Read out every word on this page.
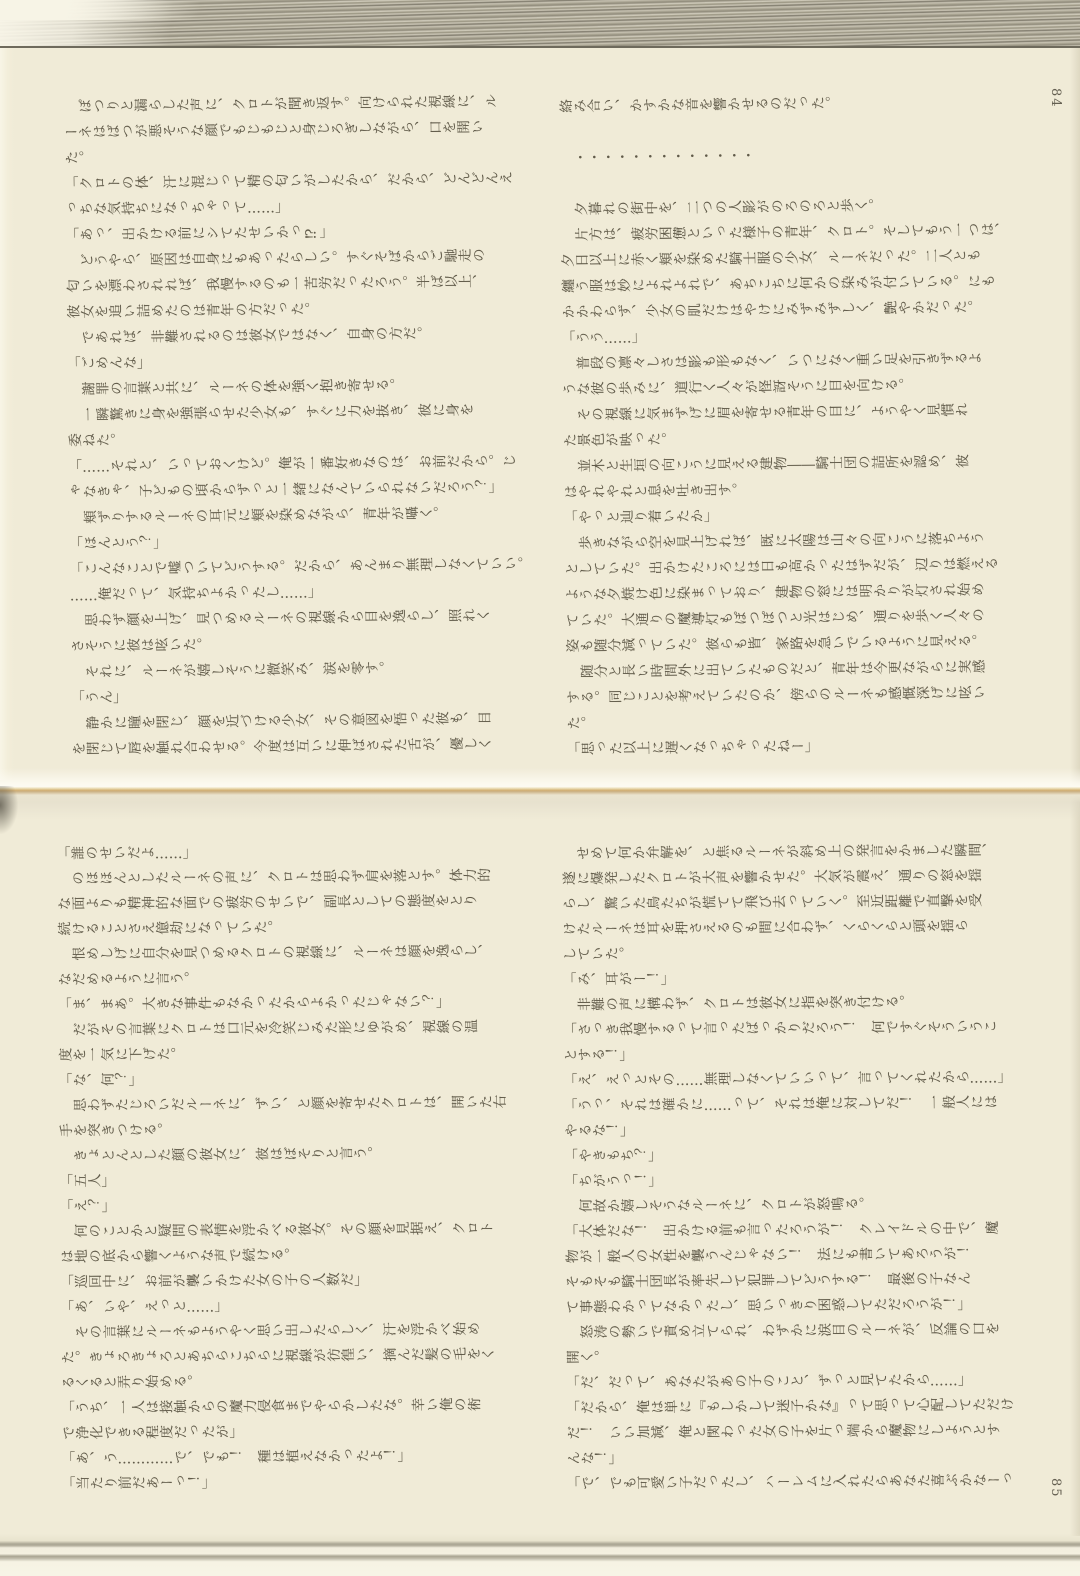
　ぽつりと漏らした声に、クロトが聞き返す。向けられた視線に、ル
ーネはばつが悪そうな顔でもじもじと身じろぎしながら、口を開い
た。
「クロトの体、汗に混じって精の匂いがしたから、だから、どんどんえ
っちな気持ちになっちゃって……」
「あっ、出かける前にシてたせいかっ⁉」
　どうやら、原因は自身にもあったらしい。すぐそばからご馳走の
匂いを漂わされれば、我慢するのも一苦労だったろう。半ば以上、
彼女を追い詰めたのは青年の方だった。
　であれば、非難されるのは彼女ではなく、自身の方だ。
「ごめんな」
　謝罪の言葉と共に、ルーネの体を強く抱き寄せる。
　一瞬驚きに身を強張らせた少女も、すぐに力を抜き、彼に身を
委ねた。
「……それと、いっておくけど。俺が一番好きなのは、お前だから。じ
ゃなきゃ、子どもの頃からずっと一緒になんていられないだろう？」
　頬ずりするルーネの耳元に頬を染めながら、青年が囁く。
「ほんとう？」
「こんなことで嘘ついてどうする。だから、あんまり無理しなくていい。
……俺だって、気持ちよかったし……」
　思わず顔を上げ、見つめるルーネの視線から目を逸らし、照れく
さそうに彼は呟いた。
　それに、ルーネが嬉しそうに微笑み、涙を零す。
「うん」
　静かに瞳を閉じ、顔を近づける少女、その意図を悟った彼も、目
を閉じて唇を触れ合わせる。今度は互いに伸ばされた舌が、優しく
絡み合い、かすかな音を響かせるのだった。

　・・・・・・・・・・・・・

　夕暮れの街中を、二つの人影がのろのろと歩く。
　片方は、疲労困憊といった様子の青年、クロト。そしてもう一つは、
夕日以上に赤く頬を染めた騎士服の少女、ルーネだった。二人とも
纏う服は妙によれよれで、あちこちに何かの染みが付いている。にも
かかわらず、少女の肌だけはやけにみずみずしく、艶やかだった。
「うう……」
　普段の凛々しさは影も形もなく、いつになく重い足を引きずるよ
うな彼の歩みに、道行く人々が怪訝そうに目を向ける。
　その視線に気まずげに眉を寄せる青年の目に、ようやく見慣れ
た景色が映った。
　並木と生垣の向こうに見える建物――騎士団の詰所を認め、彼
はやれやれと息を吐き出す。
「やっと辿り着いたか」
　歩きながら空を見上げれば、既に太陽は山々の向こうに落ちよう
としていた。出かけたころには日も高かったはずだが、辺りは燃える
ような夕焼け色に染まっており、建物の窓には明かりが灯され始め
ていた。大通りの魔導灯もぽつぽつと光はじめ、通りを歩く人々の
姿も随分減っていた。彼らも皆、家路を急いでいるように見える。
　随分と長い時間外に出ていたものだと、青年は今更ながらに実感
する。同じことを考えていたのか、傍らのルーネも感慨深げに呟い
た。
「思った以上に遅くなっちゃったねー」
84
「誰のせいだよ……」
　のほほんとしたルーネの声に、クロトは思わず肩を落とす。体力的
な面よりも精神的な面での疲労のせいで、副長としての態度をとり
続けることさえ億劫になっていた。
　恨めしげに自分を見つめるクロトの視線に、ルーネは顔を逸らし、
なだめるように言う。
「ま、まあ。大きな事件もなかったからよかったじゃない？」
　だがその言葉にクロトは口元を冷笑じみた形にゆがめ、視線の温
度を一気に下げた。
「な、何？」
　思わずたじろいだルーネに、ずい、と顔を寄せたクロトは、開いた右
手を突きつける。
　きょとんとした顔の彼女に、彼はぼそりと言う。
「五人」
「え？」
　何のことかと疑問の表情を浮かべる彼女。その顔を見据え、クロト
は地の底から響くような声で続ける。
「巡回中に、お前が襲いかけた女の子の人数だ」
「あ、いや、えっと……」
　その言葉にルーネもようやく思い出したらしく、汗を浮かべ始め
た。きょろきょろとあちらこちらに視線が彷徨い、摘んだ髪の毛をく
るくると弄り始める。
「うち、一人は接触からの魔力侵食までやらかしたな。幸い俺の術
で浄化できる程度だったが」
「あ、う…………で、でも！　種は植えなかったよ！」
「当たり前だあーっ！」
　せめて何か弁解を、と焦るルーネが斜め上の発言をかました瞬間、
遂に爆発したクロトが大声を響かせた。大気が震え、通りの窓を揺
らし、驚いた鳥たちが慌てて飛び去っていく。至近距離で直撃を受
けたルーネは耳を押さえるのも間に合わず、くらくらと頭を揺ら
していた。
「み、耳がー！」
　非難の声に構わず、クロトは彼女に指を突き付ける。
「さっき我慢するって言ったばっかりだろう！　何ですぐそういうこ
とする！」
「え、えっとその……無理しなくていいって、言ってくれたから……」
「うっ、それは確かに……って、それは俺に対してだ！　一般人には
やるな！」
「やきもち？」
「ちがうっ！」
　何故か嬉しそうなルーネに、クロトが怒鳴る。
「大体だな！　出かける前も言ったろうが！　クレイドルの中で、魔
物が一般人の女性を襲うんじゃない！　法にも書いてあろうが！
そもそも騎士団長が率先して犯罪してどうする！　最後の子なん
て事態わかってなかったし、思いっきり困惑してただろうが！」
　怒涛の勢いで責め立てられ、わずかに涙目のルーネが、反論の口を
開く。
「だ、だって、あなたがあの子のこと、ずっと見てたから……」
「だから、俺は単に『もしかして迷子かな』って思って心配してただけ
だ！　いい加減、俺と関わった女の子を片っ端から魔物にしようとす
んな！」
「で、でも可愛い子だったし、ハーレムに入れたらあなた喜ぶかなーっ	85
